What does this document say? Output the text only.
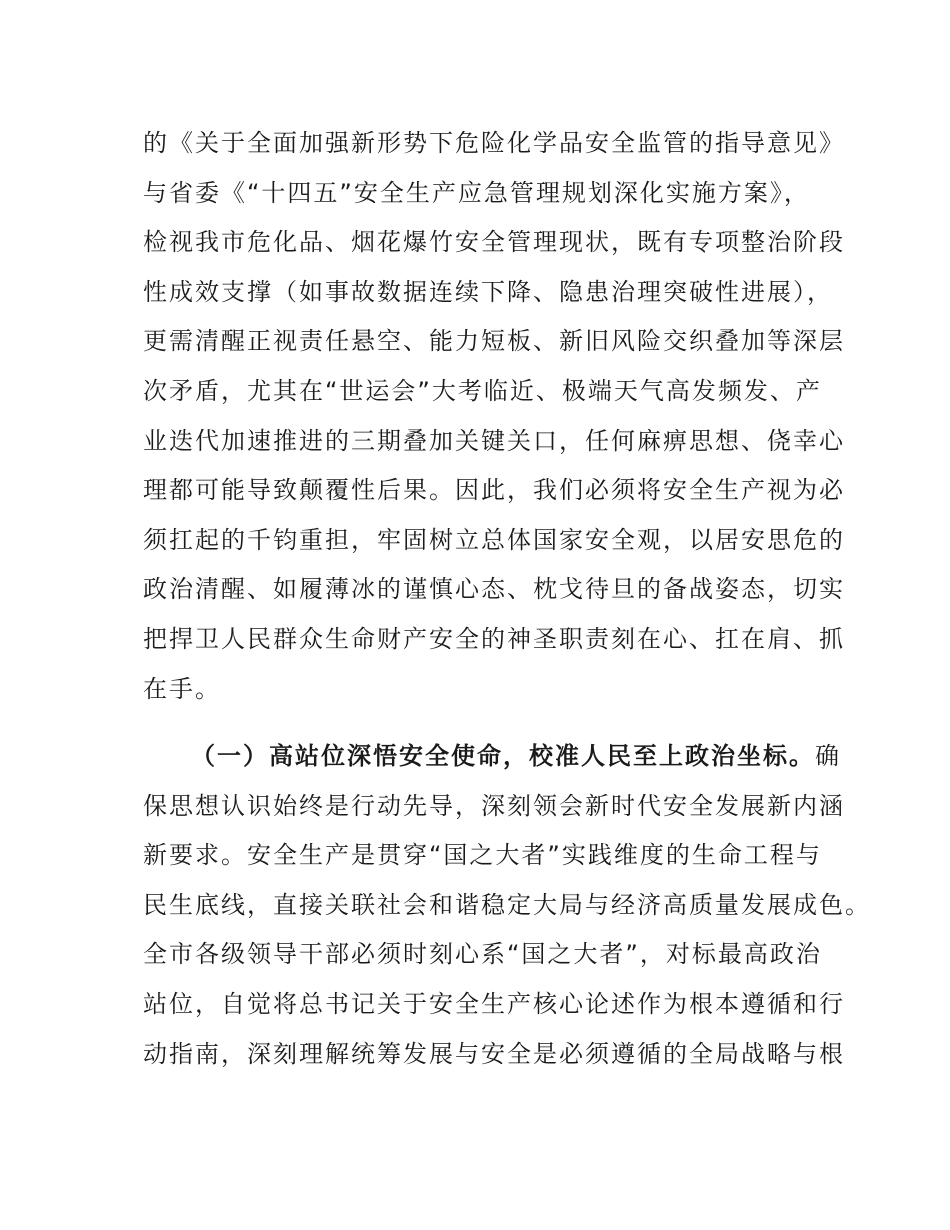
的《关于全面加强新形势下危险化学品安全监管的指导意见》
与省委《“十四五”安全生产应急管理规划深化实施方案》，
检视我市危化品、烟花爆竹安全管理现状，既有专项整治阶段
性成效支撑（如事故数据连续下降、隐患治理突破性进展），
更需清醒正视责任悬空、能力短板、新旧风险交织叠加等深层
次矛盾，尤其在“世运会”大考临近、极端天气高发频发、产
业迭代加速推进的三期叠加关键关口，任何麻痹思想、侥幸心
理都可能导致颠覆性后果。因此，我们必须将安全生产视为必
须扛起的千钧重担，牢固树立总体国家安全观，以居安思危的
政治清醒、如履薄冰的谨慎心态、枕戈待旦的备战姿态，切实
把捍卫人民群众生命财产安全的神圣职责刻在心、扛在肩、抓
在手。
（一）高站位深悟安全使命，校准人民至上政治坐标。确
保思想认识始终是行动先导，深刻领会新时代安全发展新内涵
新要求。安全生产是贯穿“国之大者”实践维度的生命工程与
民生底线，直接关联社会和谐稳定大局与经济高质量发展成色。
全市各级领导干部必须时刻心系“国之大者”，对标最高政治
站位，自觉将总书记关于安全生产核心论述作为根本遵循和行
动指南，深刻理解统筹发展与安全是必须遵循的全局战略与根
